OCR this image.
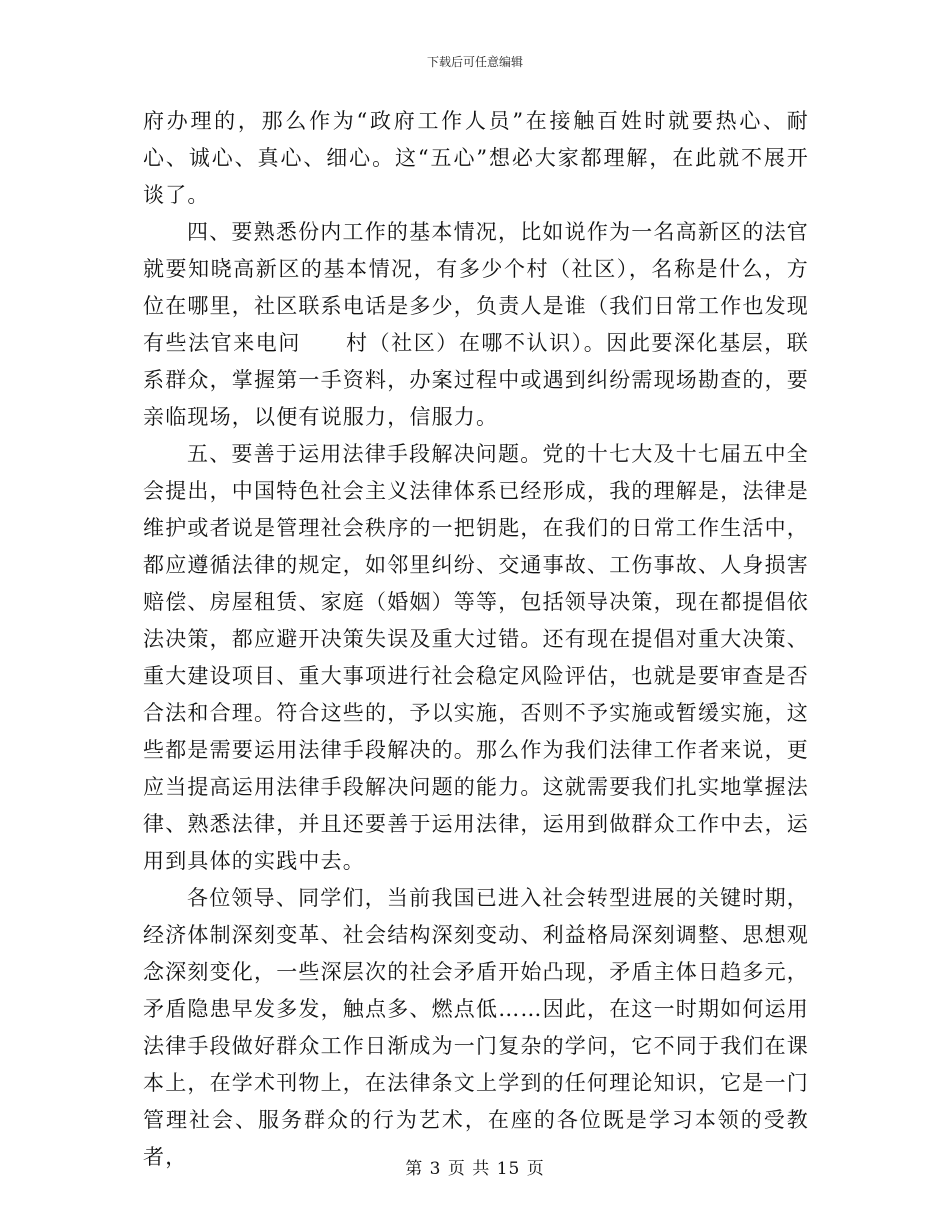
下载后可任意编辑

府办理的，那么作为“政府工作人员”在接触百姓时就要热心、耐心、诚心、真心、细心。这“五心”想必大家都理解，在此就不展开谈了。

四、要熟悉份内工作的基本情况，比如说作为一名高新区的法官就要知晓高新区的基本情况，有多少个村（社区），名称是什么，方位在哪里，社区联系电话是多少，负责人是谁（我们日常工作也发现有些法官来电问　　村（社区）在哪不认识）。因此要深化基层，联系群众，掌握第一手资料，办案过程中或遇到纠纷需现场勘查的，要亲临现场，以便有说服力，信服力。

五、要善于运用法律手段解决问题。党的十七大及十七届五中全会提出，中国特色社会主义法律体系已经形成，我的理解是，法律是维护或者说是管理社会秩序的一把钥匙，在我们的日常工作生活中，都应遵循法律的规定，如邻里纠纷、交通事故、工伤事故、人身损害赔偿、房屋租赁、家庭（婚姻）等等，包括领导决策，现在都提倡依法决策，都应避开决策失误及重大过错。还有现在提倡对重大决策、重大建设项目、重大事项进行社会稳定风险评估，也就是要审查是否合法和合理。符合这些的，予以实施，否则不予实施或暂缓实施，这些都是需要运用法律手段解决的。那么作为我们法律工作者来说，更应当提高运用法律手段解决问题的能力。这就需要我们扎实地掌握法律、熟悉法律，并且还要善于运用法律，运用到做群众工作中去，运用到具体的实践中去。

各位领导、同学们，当前我国已进入社会转型进展的关键时期，经济体制深刻变革、社会结构深刻变动、利益格局深刻调整、思想观念深刻变化，一些深层次的社会矛盾开始凸现，矛盾主体日趋多元，矛盾隐患早发多发，触点多、燃点低……因此，在这一时期如何运用法律手段做好群众工作日渐成为一门复杂的学问，它不同于我们在课本上，在学术刊物上，在法律条文上学到的任何理论知识，它是一门管理社会、服务群众的行为艺术，在座的各位既是学习本领的受教者，	第 3 页 共 15 页
